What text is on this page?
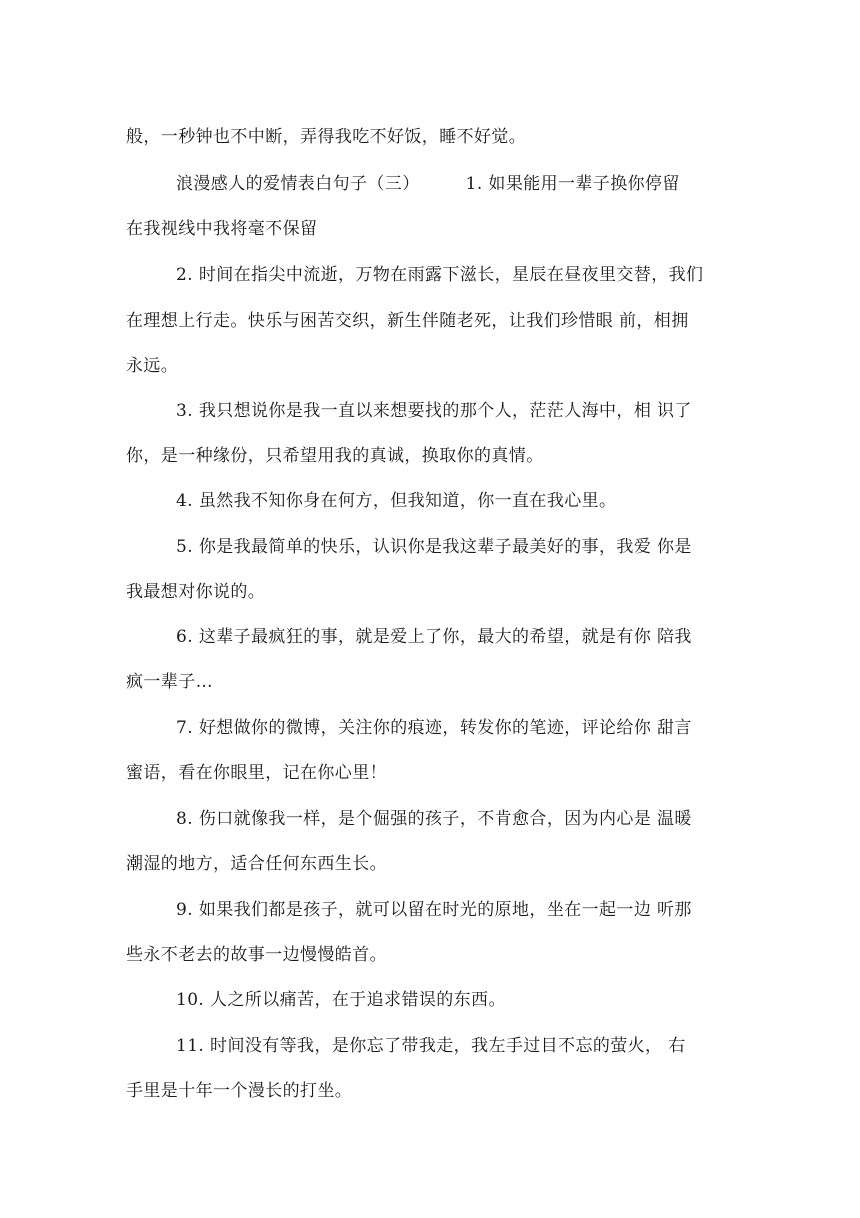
般，一秒钟也不中断，弄得我吃不好饭，睡不好觉。
浪漫感人的爱情表白句子（三）	1. 如果能用一辈子换你停留
在我视线中我将毫不保留
2. 时间在指尖中流逝，万物在雨露下滋长，星辰在昼夜里交替，我们
在理想上行走。快乐与困苦交织，新生伴随老死，让我们珍惜眼 前，相拥
永远。
3. 我只想说你是我一直以来想要找的那个人，茫茫人海中，相 识了
你，是一种缘份，只希望用我的真诚，换取你的真情。
4. 虽然我不知你身在何方，但我知道，你一直在我心里。
5. 你是我最简单的快乐，认识你是我这辈子最美好的事，我爱 你是
我最想对你说的。
6. 这辈子最疯狂的事，就是爱上了你，最大的希望，就是有你 陪我
疯一辈子…
7. 好想做你的微博，关注你的痕迹，转发你的笔迹，评论给你 甜言
蜜语，看在你眼里，记在你心里！
8. 伤口就像我一样，是个倔强的孩子，不肯愈合，因为内心是 温暖
潮湿的地方，适合任何东西生长。
9. 如果我们都是孩子，就可以留在时光的原地，坐在一起一边 听那
些永不老去的故事一边慢慢皓首。
10. 人之所以痛苦，在于追求错误的东西。
11. 时间没有等我，是你忘了带我走，我左手过目不忘的萤火， 右
手里是十年一个漫长的打坐。
